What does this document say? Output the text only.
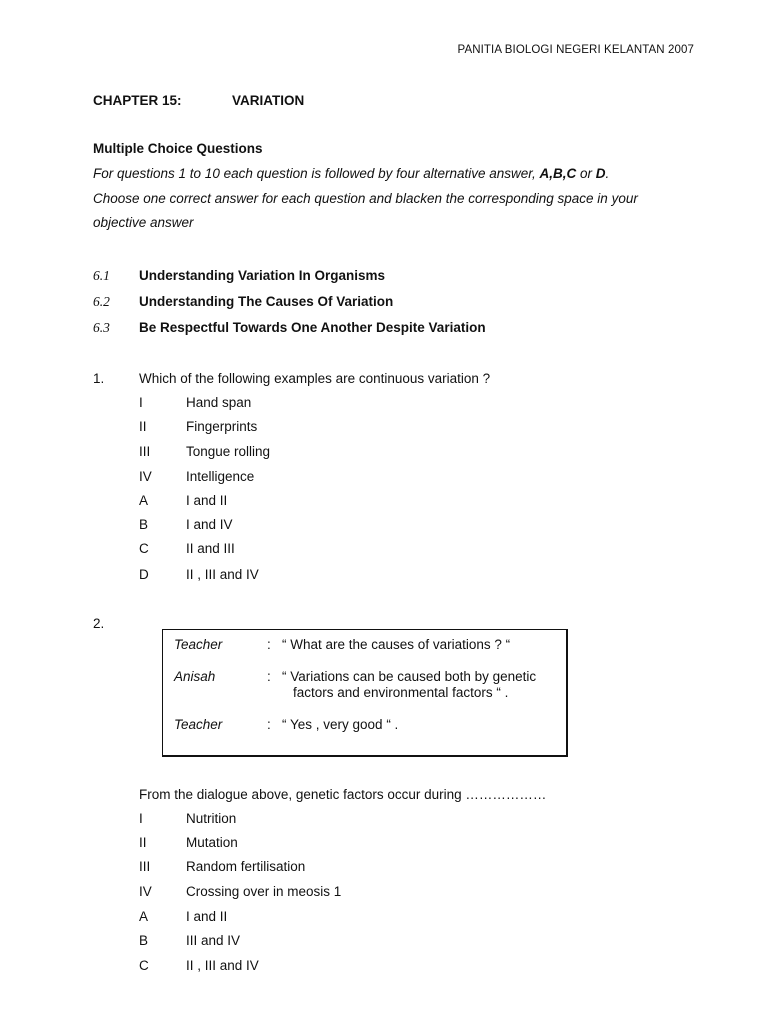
PANITIA BIOLOGI NEGERI KELANTAN 2007
CHAPTER 15:	VARIATION
Multiple Choice Questions
For questions 1 to 10 each question is followed by four alternative answer, A,B,C or D.
Choose one correct answer for each question and blacken the corresponding space in your
objective answer
6.1 Understanding Variation In Organisms
6.2 Understanding The Causes Of Variation
6.3 Be Respectful Towards One Another Despite Variation
1.	Which of the following examples are continuous variation ?
I	Hand span
II	Fingerprints
III	Tongue rolling
IV	Intelligence
A	I and II
B	I and IV
C	II and III
D	II , III and IV
2.
Teacher	: “ What are the causes of variations ? “
Anisah	: “ Variations can be caused both by genetic
factors and environmental factors “ .
Teacher	: “ Yes , very good “ .
From the dialogue above, genetic factors occur during ………………
I	Nutrition
II	Mutation
III	Random fertilisation
IV	Crossing over in meosis 1
A	I and II
B	III and IV
C	II , III and IV
